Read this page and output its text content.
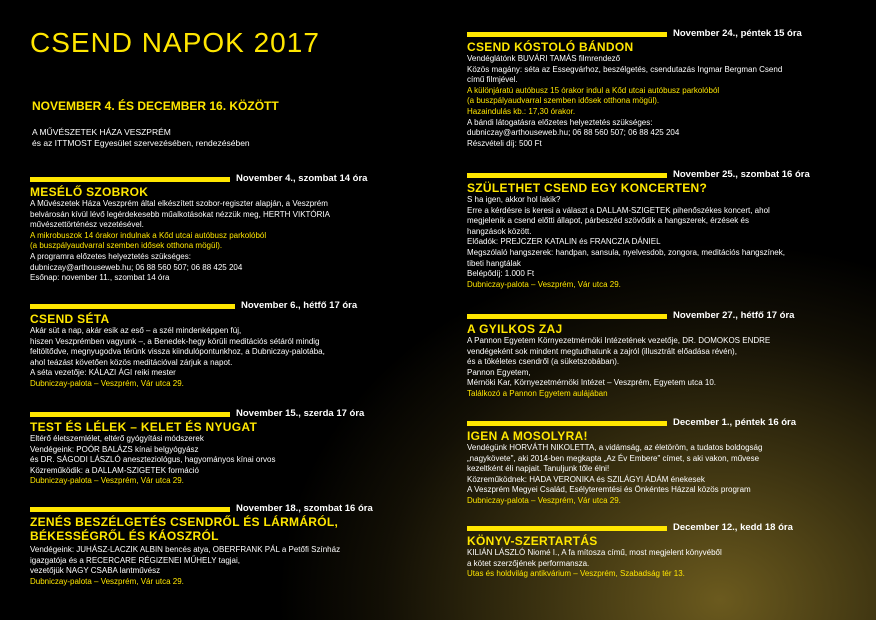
CSEND NAPOK 2017
NOVEMBER 4. ÉS DECEMBER 16. KÖZÖTT
A MŰVÉSZETEK HÁZA VESZPRÉM
és az ITTMOST Egyesület szervezésében, rendezésében
November 4., szombat 14 óra
MESÉLŐ SZOBROK

A Művészetek Háza Veszprém által elkészített szobor-regiszter alapján, a Veszprém

belvárosán kívül lévő legérdekesebb műalkotásokat nézzük meg, HERTH VIKTÓRIA

művészettörténész vezetésével.

A mikrobuszok 14 órakor indulnak a Kőd utcai autóbusz parkolóból

(a buszpályaudvarral szemben idősek otthona mögül).

A programra előzetes helyeztetés szükséges:

dubniczay@arthouseweb.hu; 06 88 560 507; 06 88 425 204

Esőnap: november 11., szombat 14 óra

November 6., hétfő 17 óra
CSEND SÉTA

Akár süt a nap, akár esik az eső – a szél mindenképpen fúj,

hiszen Veszprémben vagyunk –, a Benedek-hegy körüli meditációs sétáról mindig

feltöltődve, megnyugodva térünk vissza kiindulópontunkhoz, a Dubniczay-palotába,

ahol teázást követően közös meditációval zárjuk a napot.

A séta vezetője: KÁLAZI ÁGI reiki mester

Dubniczay-palota – Veszprém, Vár utca 29.

November 15., szerda 17 óra
TEST ÉS LÉLEK – KELET ÉS NYUGAT

Eltérő életszemlélet, eltérő gyógyítási módszerek

Vendégeink: POÓR BALÁZS kínai belgyógyász

és DR. SÁGODI LÁSZLÓ aneszteziológus, hagyományos kínai orvos

Közreműködik: a DALLAM-SZIGETEK formáció

Dubniczay-palota – Veszprém, Vár utca 29.

November 18., szombat 16 óra
ZENÉS BESZÉLGETÉS CSENDRŐL ÉS LÁRMÁRÓL,
BÉKESSÉGRŐL ÉS KÁOSZRÓL

Vendégeink: JUHÁSZ-LACZIK ALBIN bencés atya, OBERFRANK PÁL a Petőfi Színház

igazgatója és a RECERCARE RÉGIZENEI MŰHELY tagjai,

vezetőjük NAGY CSABA lantművész

Dubniczay-palota – Veszprém, Vár utca 29.

November 24., péntek 15 óra
CSEND KÓSTOLÓ BÁNDON

Vendéglátónk BUVÁRI TAMÁS filmrendező

Közös magány: séta az Essegvárhoz, beszélgetés, csendutazás Ingmar Bergman Csend

című filmjével.

A különjáratú autóbusz 15 órakor indul a Kőd utcai autóbusz parkolóból

(a buszpályaudvarral szemben idősek otthona mögül).

Hazaindulás kb.: 17,30 órakor.

A bándi látogatásra előzetes helyeztetés szükséges:

dubniczay@arthouseweb.hu; 06 88 560 507; 06 88 425 204

Részvételi díj: 500 Ft

November 25., szombat 16 óra
SZÜLETHET CSEND EGY KONCERTEN?

S ha igen, akkor hol lakik?

Erre a kérdésre is keresi a választ a DALLAM-SZIGETEK pihenőszékes koncert, ahol

megjelenik a csend előtti állapot, párbeszéd szövődik a hangszerek, érzések és

hangzások között.

Előadók: PREJCZER KATALIN és FRANCZIA DÁNIEL

Megszólaló hangszerek: handpan, sansula, nyelvesdob, zongora, meditációs hangszínek,

tibeti hangtálak

Belépődíj: 1.000 Ft

Dubniczay-palota – Veszprém, Vár utca 29.

November 27., hétfő 17 óra
A GYILKOS ZAJ

A Pannon Egyetem Környezetmérnöki Intézetének vezetője, DR. DOMOKOS ENDRE

vendégeként sok mindent megtudhatunk a zajról (illusztrált előadása révén),

és a tökéletes csendről (a süketszobában).

Pannon Egyetem,

Mérnöki Kar, Környezetmérnöki Intézet – Veszprém, Egyetem utca 10.

Találkozó a Pannon Egyetem aulájában

December 1., péntek 16 óra
IGEN A MOSOLYRA!

Vendégünk HORVÁTH NIKOLETTA, a vidámság, az életöröm, a tudatos boldogság

„nagykövete", aki 2014-ben megkapta „Az Év Embere" címet, s aki vakon, művese

kezeltként éli napjait. Tanuljunk tőle élni!

Közreműködnek: HADA VERONIKA és SZILÁGYI ÁDÁM énekesek

A Veszprém Megyei Család, Esélyteremtési és Önkéntes Házzal közös program

Dubniczay-palota – Veszprém, Vár utca 29.

December 12., kedd 18 óra
KÖNYV-SZERTARTÁS

KILIÁN LÁSZLÓ Niomé I., A fa mítosza című, most megjelent könyvéből

a kötet szerzőjének performansza.

Utas és holdvilág antikvárium – Veszprém, Szabadság tér 13.
